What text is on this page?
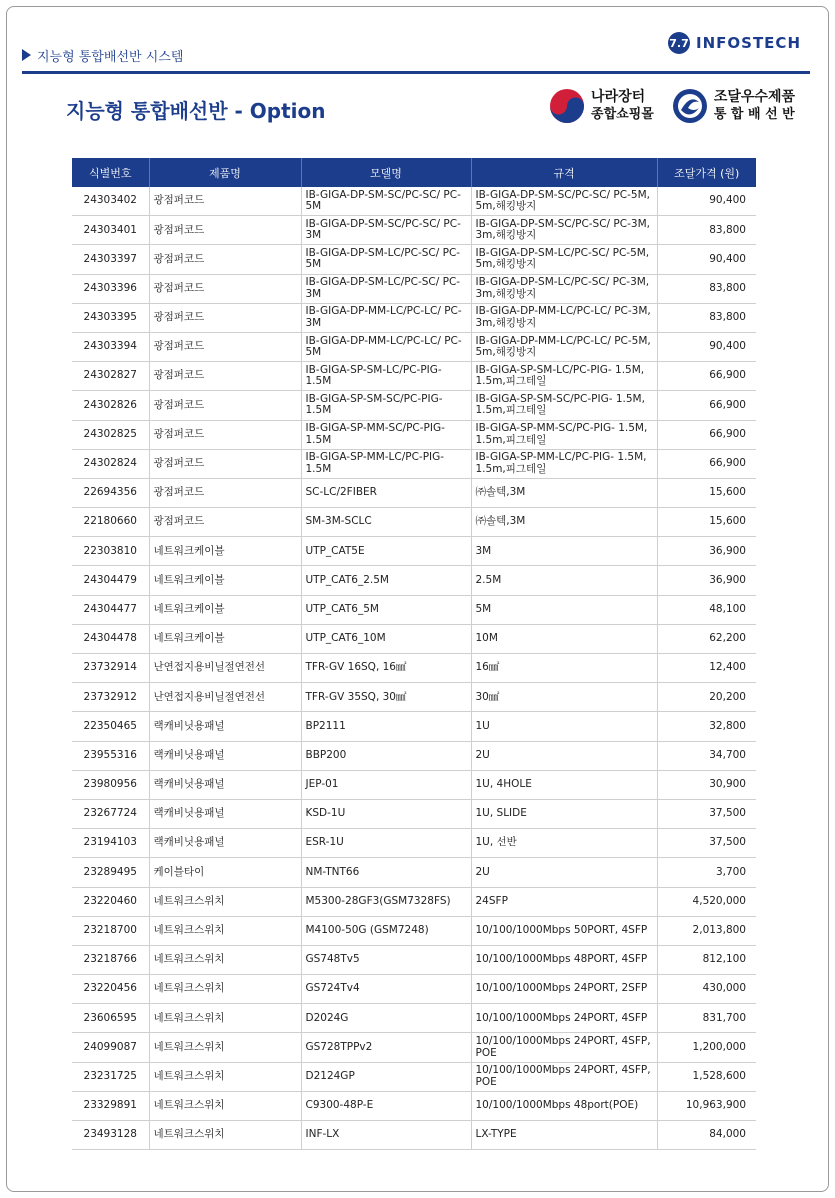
지능형 통합배선반 시스템
7.7 INFOSTECH
지능형 통합배선반 - Option
나라장터
종합쇼핑몰
조달우수제품
통 합 배 선 반
식별번호	제품명	모델명	규격	조달가격 (원)
24303402	광점퍼코드	IB-GIGA-DP-SM-SC/PC-SC/ PC-5M	IB-GIGA-DP-SM-SC/PC-SC/ PC-5M, 5m,해킹방지	90,400
24303401	광점퍼코드	IB-GIGA-DP-SM-SC/PC-SC/ PC-3M	IB-GIGA-DP-SM-SC/PC-SC/ PC-3M, 3m,해킹방지	83,800
24303397	광점퍼코드	IB-GIGA-DP-SM-LC/PC-SC/ PC-5M	IB-GIGA-DP-SM-LC/PC-SC/ PC-5M, 5m,해킹방지	90,400
24303396	광점퍼코드	IB-GIGA-DP-SM-LC/PC-SC/ PC-3M	IB-GIGA-DP-SM-LC/PC-SC/ PC-3M, 3m,해킹방지	83,800
24303395	광점퍼코드	IB-GIGA-DP-MM-LC/PC-LC/ PC-3M	IB-GIGA-DP-MM-LC/PC-LC/ PC-3M, 3m,해킹방지	83,800
24303394	광점퍼코드	IB-GIGA-DP-MM-LC/PC-LC/ PC-5M	IB-GIGA-DP-MM-LC/PC-LC/ PC-5M, 5m,해킹방지	90,400
24302827	광점퍼코드	IB-GIGA-SP-SM-LC/PC-PIG- 1.5M	IB-GIGA-SP-SM-LC/PC-PIG- 1.5M, 1.5m,피그테일	66,900
24302826	광점퍼코드	IB-GIGA-SP-SM-SC/PC-PIG- 1.5M	IB-GIGA-SP-SM-SC/PC-PIG- 1.5M, 1.5m,피그테일	66,900
24302825	광점퍼코드	IB-GIGA-SP-MM-SC/PC-PIG- 1.5M	IB-GIGA-SP-MM-SC/PC-PIG- 1.5M, 1.5m,피그테일	66,900
24302824	광점퍼코드	IB-GIGA-SP-MM-LC/PC-PIG- 1.5M	IB-GIGA-SP-MM-LC/PC-PIG- 1.5M, 1.5m,피그테일	66,900
22694356	광점퍼코드	SC-LC/2FIBER	㈜솔텍,3M	15,600
22180660	광점퍼코드	SM-3M-SCLC	㈜솔텍,3M	15,600
22303810	네트워크케이블	UTP_CAT5E	3M	36,900
24304479	네트워크케이블	UTP_CAT6_2.5M	2.5M	36,900
24304477	네트워크케이블	UTP_CAT6_5M	5M	48,100
24304478	네트워크케이블	UTP_CAT6_10M	10M	62,200
23732914	난연접지용비닐절연전선	TFR-GV 16SQ, 16㎟	16㎟	12,400
23732912	난연접지용비닐절연전선	TFR-GV 35SQ, 30㎟	30㎟	20,200
22350465	랙캐비닛용패널	BP2111	1U	32,800
23955316	랙캐비닛용패널	BBP200	2U	34,700
23980956	랙캐비닛용패널	JEP-01	1U, 4HOLE	30,900
23267724	랙캐비닛용패널	KSD-1U	1U, SLIDE	37,500
23194103	랙캐비닛용패널	ESR-1U	1U, 선반	37,500
23289495	케이블타이	NM-TNT66	2U	3,700
23220460	네트워크스위치	M5300-28GF3(GSM7328FS)	24SFP	4,520,000
23218700	네트워크스위치	M4100-50G (GSM7248)	10/100/1000Mbps 50PORT, 4SFP	2,013,800
23218766	네트워크스위치	GS748Tv5	10/100/1000Mbps 48PORT, 4SFP	812,100
23220456	네트워크스위치	GS724Tv4	10/100/1000Mbps 24PORT, 2SFP	430,000
23606595	네트워크스위치	D2024G	10/100/1000Mbps 24PORT, 4SFP	831,700
24099087	네트워크스위치	GS728TPPv2	10/100/1000Mbps 24PORT, 4SFP, POE	1,200,000
23231725	네트워크스위치	D2124GP	10/100/1000Mbps 24PORT, 4SFP, POE	1,528,600
23329891	네트워크스위치	C9300-48P-E	10/100/1000Mbps 48port(POE)	10,963,900
23493128	네트워크스위치	INF-LX	LX-TYPE	84,000
